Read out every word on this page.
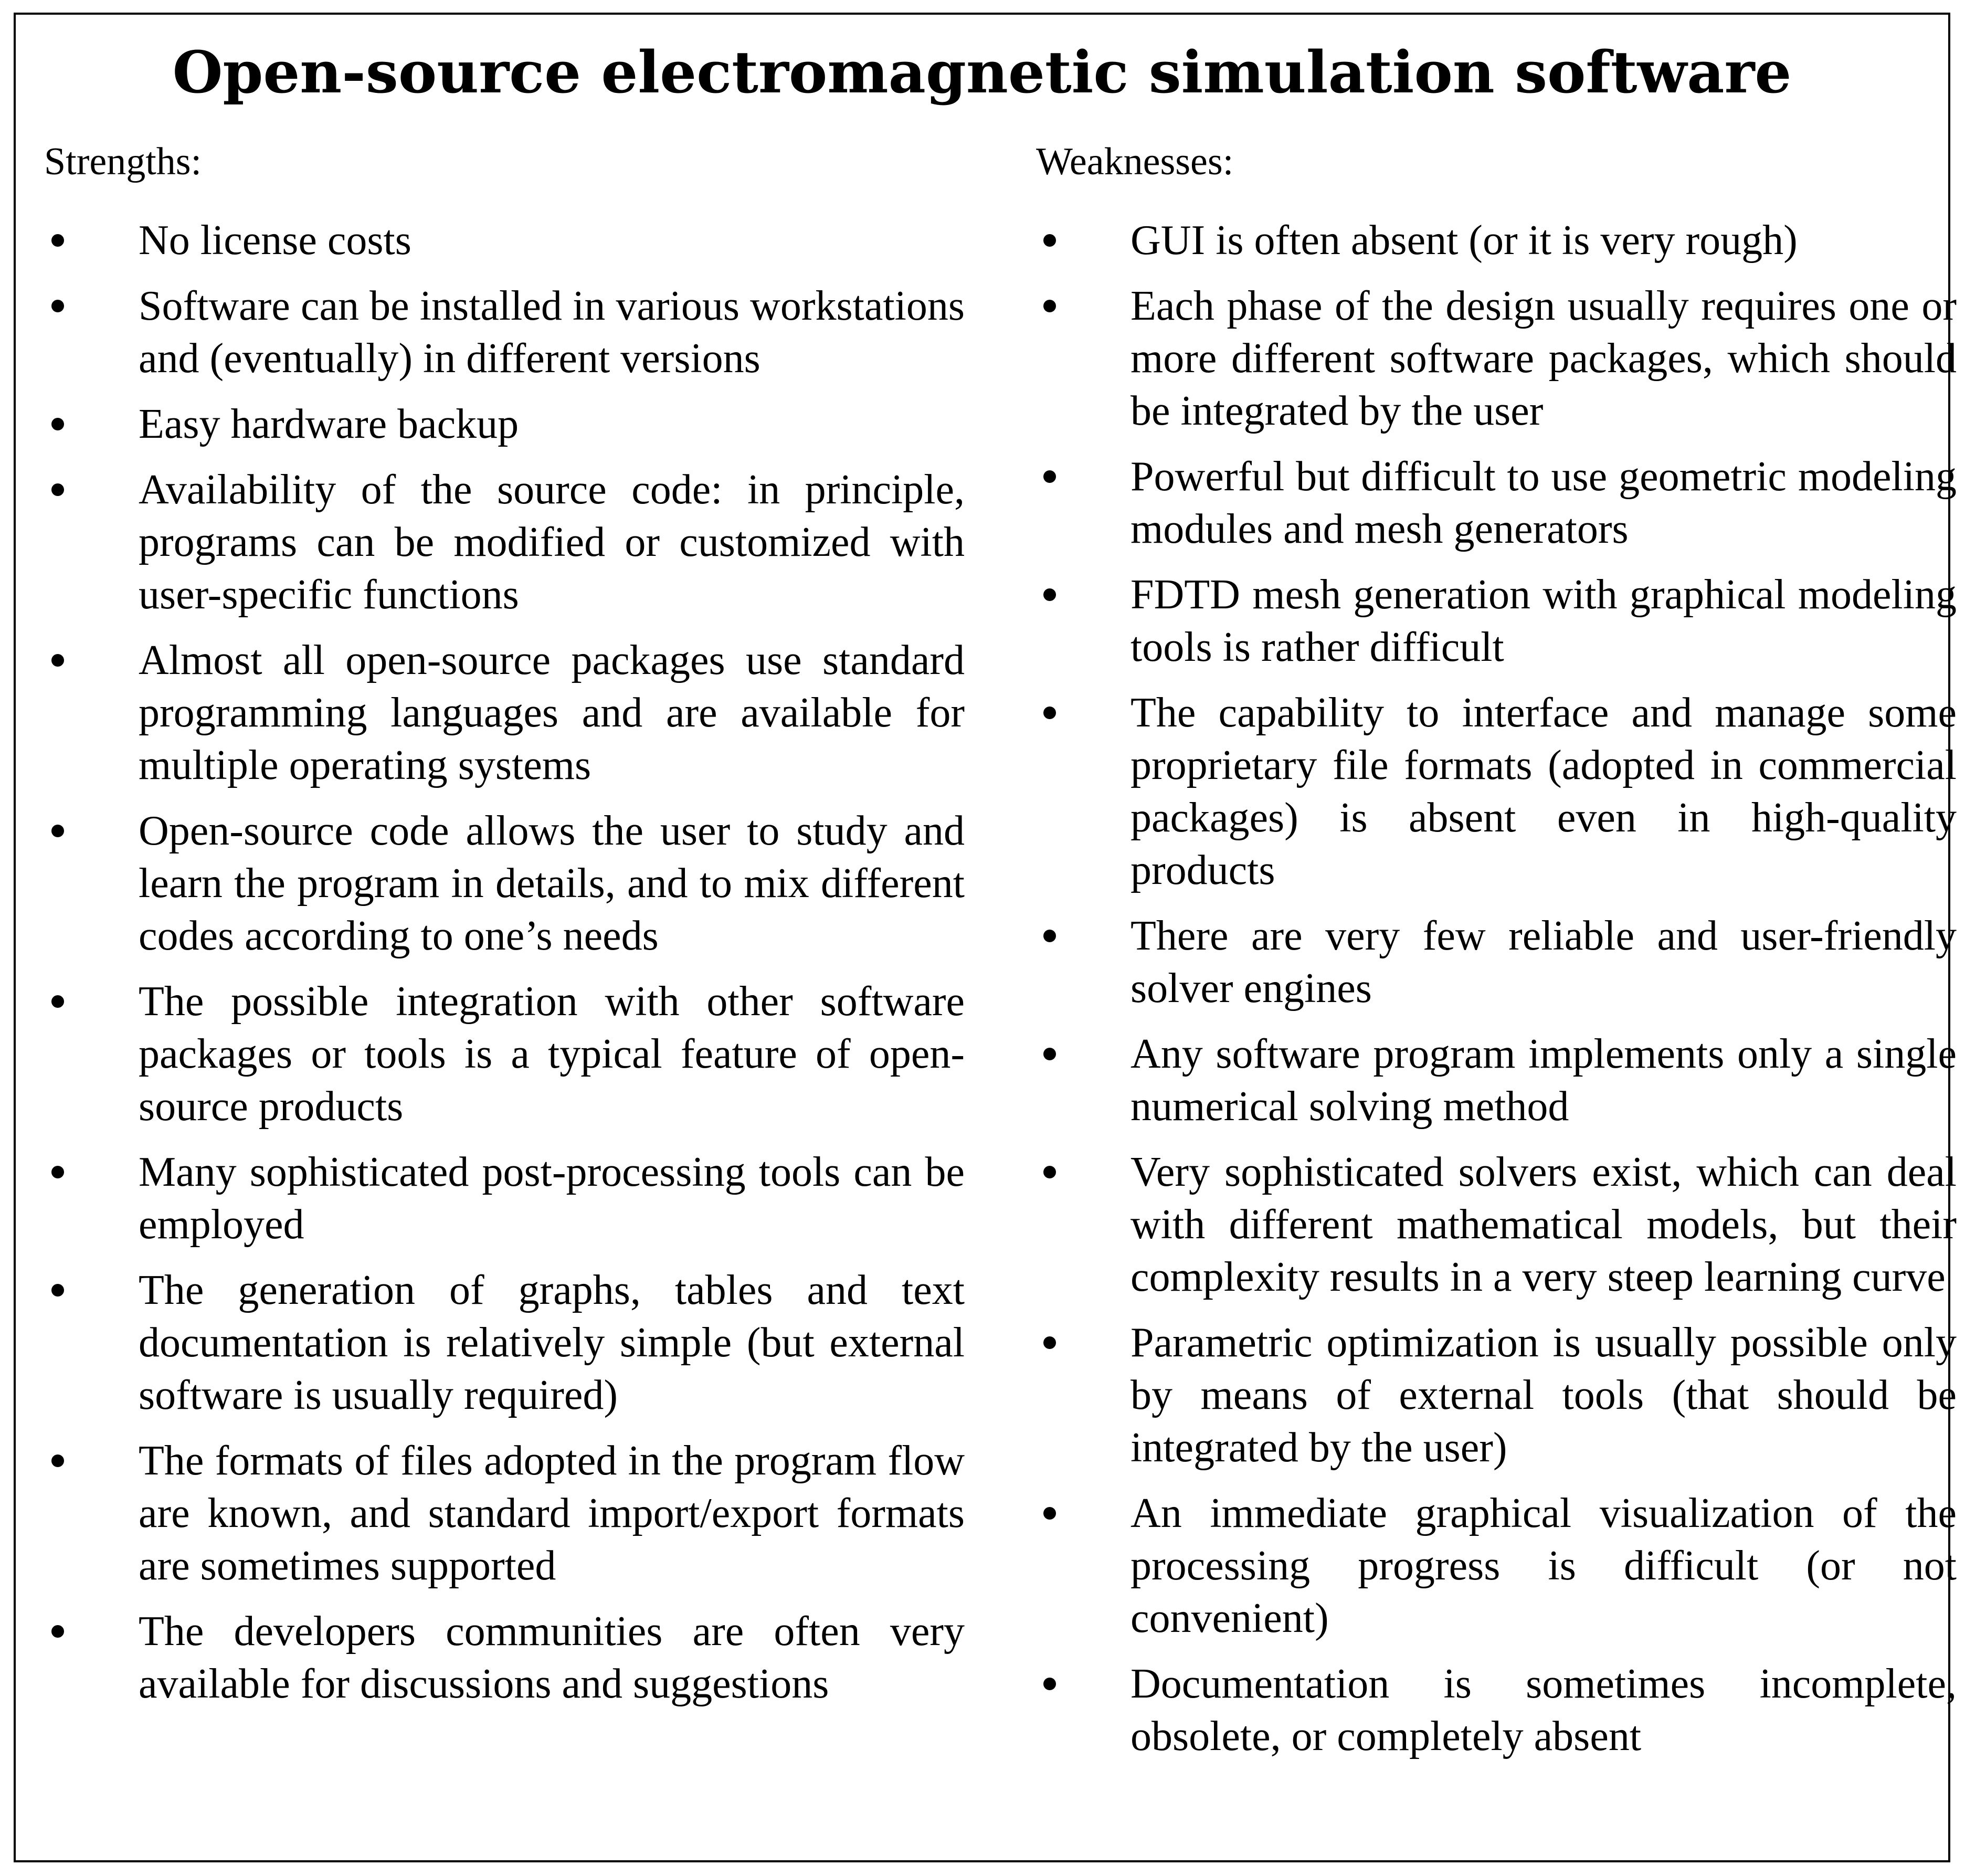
Open-source electromagnetic simulation software

Strengths:

No license costs
Software can be installed in various workstations and (eventually) in different versions
Easy hardware backup
Availability of the source code: in principle, programs can be modified or customized with user-specific functions
Almost all open-source packages use standard programming languages and are available for multiple operating systems
Open-source code allows the user to study and learn the program in details, and to mix different codes according to one’s needs
The possible integration with other software packages or tools is a typical feature of open-source products
Many sophisticated post-processing tools can be employed
The generation of graphs, tables and text documentation is relatively simple (but external software is usually required)
The formats of files adopted in the program flow are known, and standard import/export formats are sometimes supported
The developers communities are often very available for discussions and suggestions

Weaknesses:

GUI is often absent (or it is very rough)
Each phase of the design usually requires one or more different software packages, which should be integrated by the user
Powerful but difficult to use geometric modeling modules and mesh generators
FDTD mesh generation with graphical modeling tools is rather difficult
The capability to interface and manage some proprietary file formats (adopted in commercial packages) is absent even in high-quality products
There are very few reliable and user-friendly solver engines
Any software program implements only a single numerical solving method
Very sophisticated solvers exist, which can deal with different mathematical models, but their complexity results in a very steep learning curve
Parametric optimization is usually possible only by means of external tools (that should be integrated by the user)
An immediate graphical visualization of the processing progress is difficult (or not convenient)
Documentation is sometimes incomplete, obsolete, or completely absent
